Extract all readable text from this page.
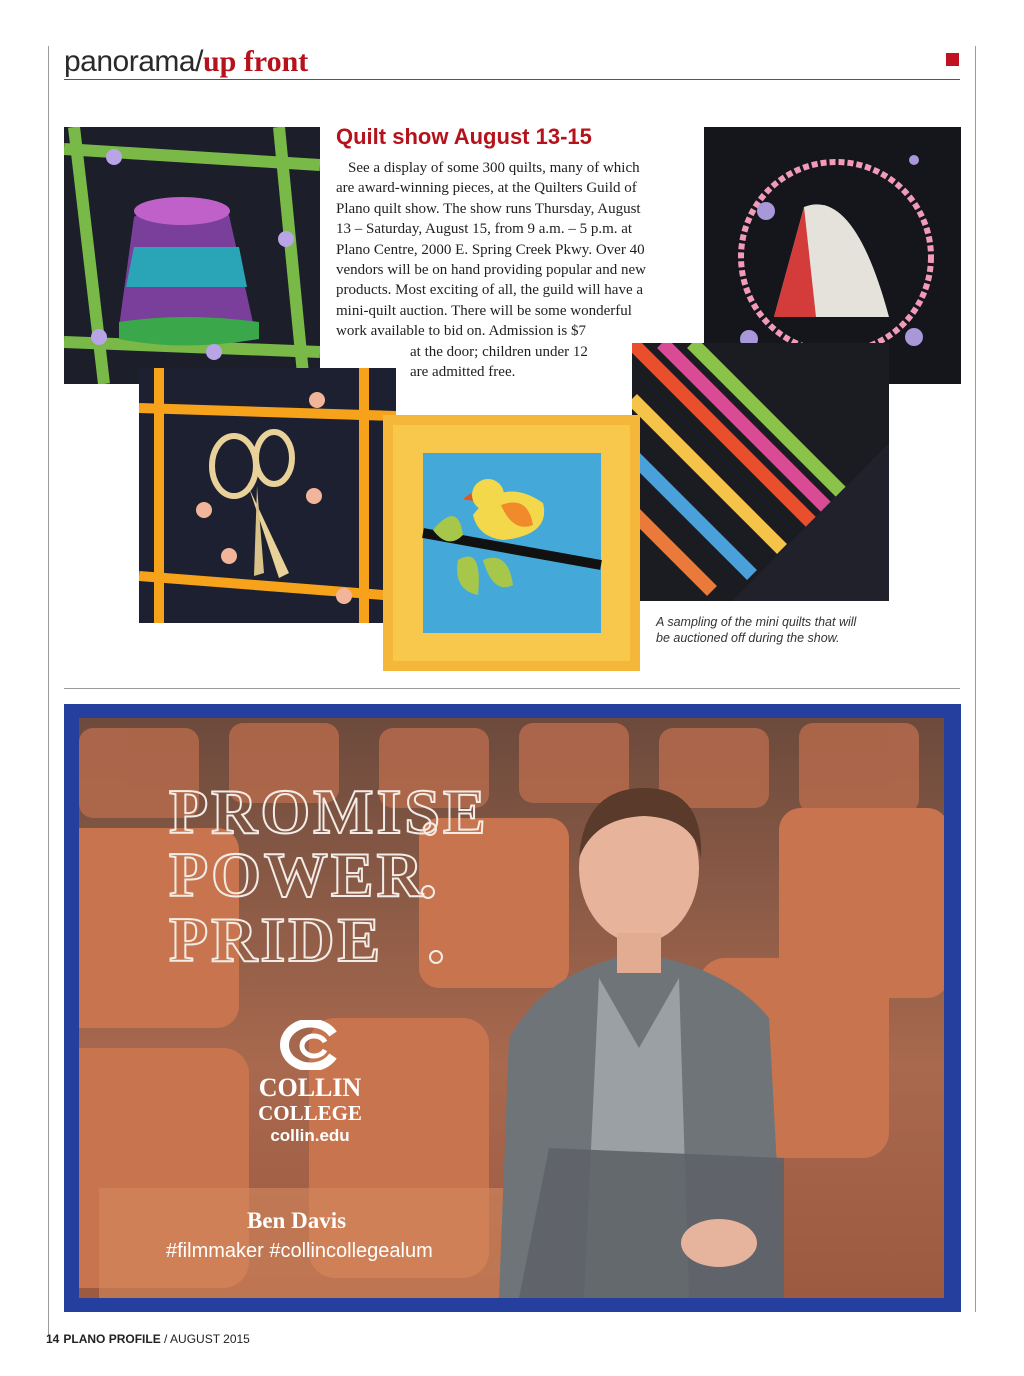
panorama/up front
Quilt show August 13-15

See a display of some 300 quilts, many of which

are award-winning pieces, at the Quilters Guild of

Plano quilt show. The show runs Thursday, August

13 – Saturday, August 15, from 9 a.m. – 5 p.m. at

Plano Centre, 2000 E. Spring Creek Pkwy. Over 40

vendors will be on hand providing popular and new

products. Most exciting of all, the guild will have a

mini-quilt auction. There will be some wonderful

work available to bid on. Admission is $7

at the door; children under 12

are admitted free.

A sampling of the mini quilts that will
be auctioned off during the show.
PROMISE
POWER
PRIDE
COLLIN
COLLEGE
collin.edu
Ben Davis
#filmmaker #collincollegealum
14 PLANO PROFILE / AUGUST 2015
